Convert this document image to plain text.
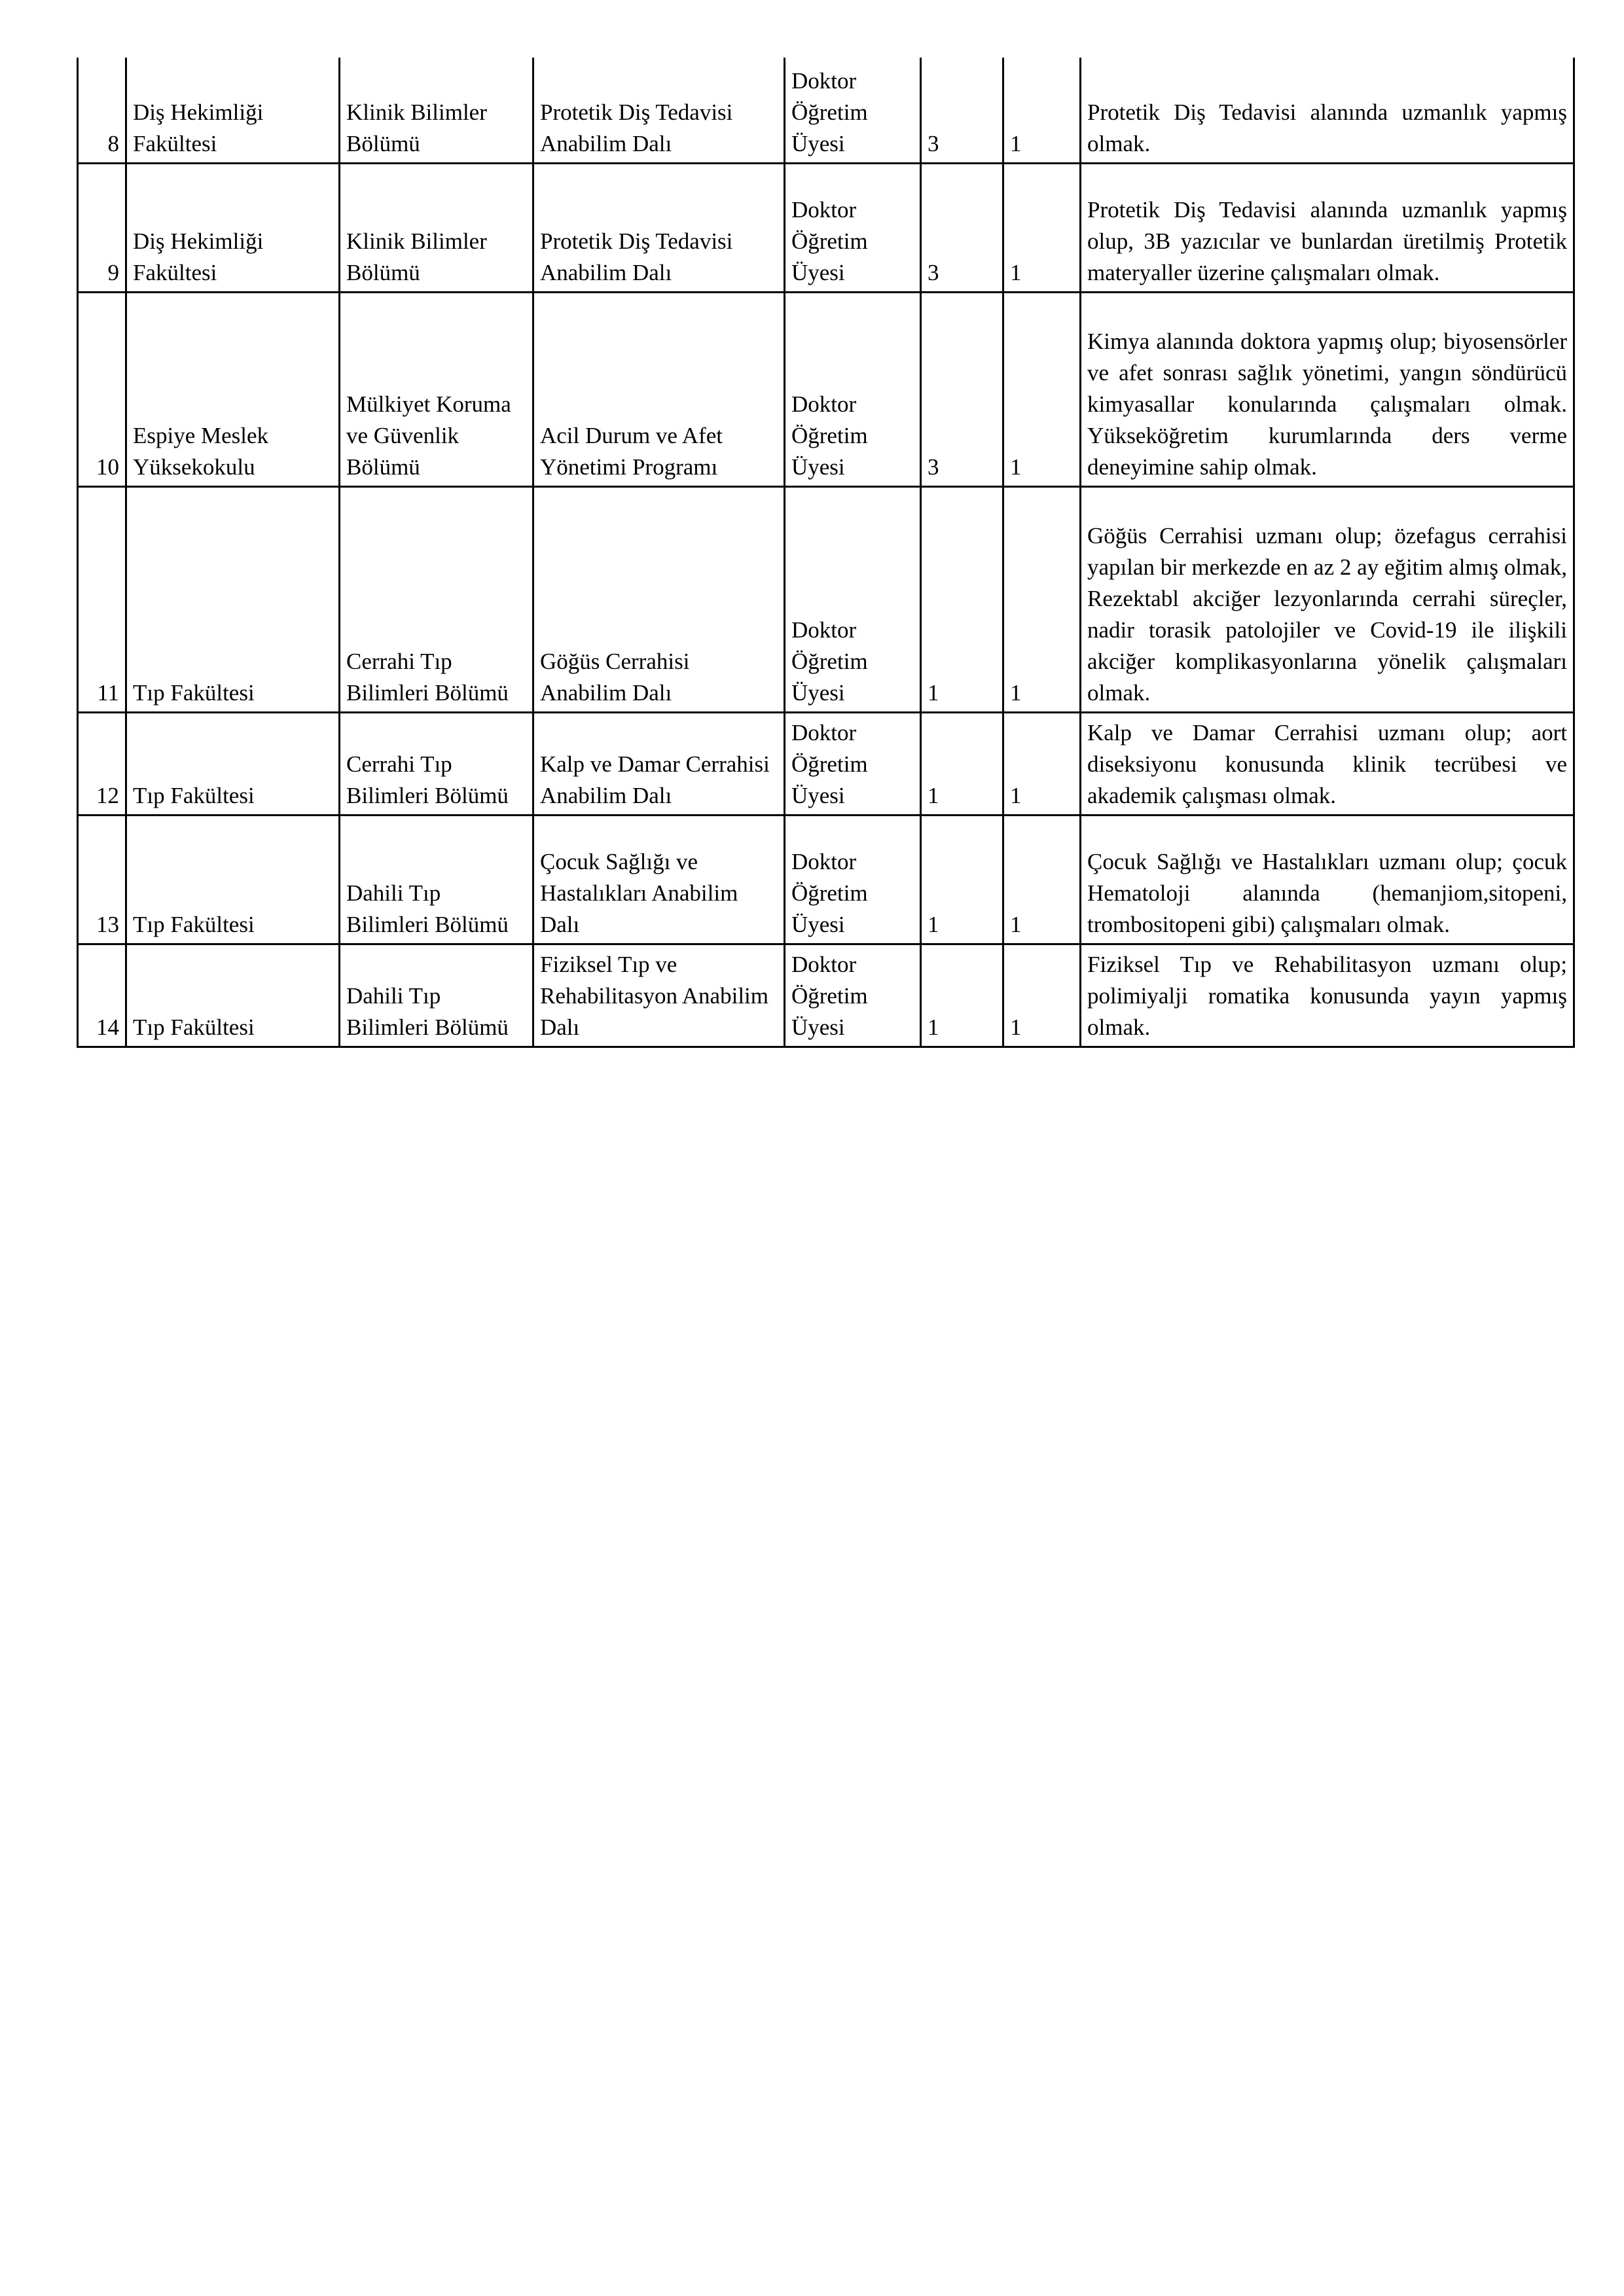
8	Diş Hekimliği Fakültesi	Klinik Bilimler Bölümü	Protetik Diş Tedavisi Anabilim Dalı	Doktor Öğretim Üyesi	3	1	Protetik Diş Tedavisi alanında uzmanlık yapmış olmak.
9	Diş Hekimliği Fakültesi	Klinik Bilimler Bölümü	Protetik Diş Tedavisi Anabilim Dalı	Doktor Öğretim Üyesi	3	1	Protetik Diş Tedavisi alanında uzmanlık yapmış olup, 3B yazıcılar ve bunlardan üretilmiş Protetik materyaller üzerine çalışmaları olmak.
10	Espiye Meslek Yüksekokulu	Mülkiyet Koruma ve Güvenlik Bölümü	Acil Durum ve Afet Yönetimi Programı	Doktor Öğretim Üyesi	3	1	Kimya alanında doktora yapmış olup; biyosensörler ve afet sonrası sağlık yönetimi, yangın söndürücü kimyasallar konularında çalışmaları olmak. Yükseköğretim kurumlarında ders verme deneyimine sahip olmak.
11	Tıp Fakültesi	Cerrahi Tıp Bilimleri Bölümü	Göğüs Cerrahisi Anabilim Dalı	Doktor Öğretim Üyesi	1	1	Göğüs Cerrahisi uzmanı olup; özefagus cerrahisi yapılan bir merkezde en az 2 ay eğitim almış olmak, Rezektabl akciğer lezyonlarında cerrahi süreçler, nadir torasik patolojiler ve Covid-19 ile ilişkili akciğer komplikasyonlarına yönelik çalışmaları olmak.
12	Tıp Fakültesi	Cerrahi Tıp Bilimleri Bölümü	Kalp ve Damar Cerrahisi Anabilim Dalı	Doktor Öğretim Üyesi	1	1	Kalp ve Damar Cerrahisi uzmanı olup; aort diseksiyonu konusunda klinik tecrübesi ve akademik çalışması olmak.
13	Tıp Fakültesi	Dahili Tıp Bilimleri Bölümü	Çocuk Sağlığı ve Hastalıkları Anabilim Dalı	Doktor Öğretim Üyesi	1	1	Çocuk Sağlığı ve Hastalıkları uzmanı olup; çocuk Hematoloji alanında (hemanjiom,sitopeni, trombositopeni gibi) çalışmaları olmak.
14	Tıp Fakültesi	Dahili Tıp Bilimleri Bölümü	Fiziksel Tıp ve Rehabilitasyon Anabilim Dalı	Doktor Öğretim Üyesi	1	1	Fiziksel Tıp ve Rehabilitasyon uzmanı olup; polimiyalji romatika konusunda yayın yapmış olmak.
